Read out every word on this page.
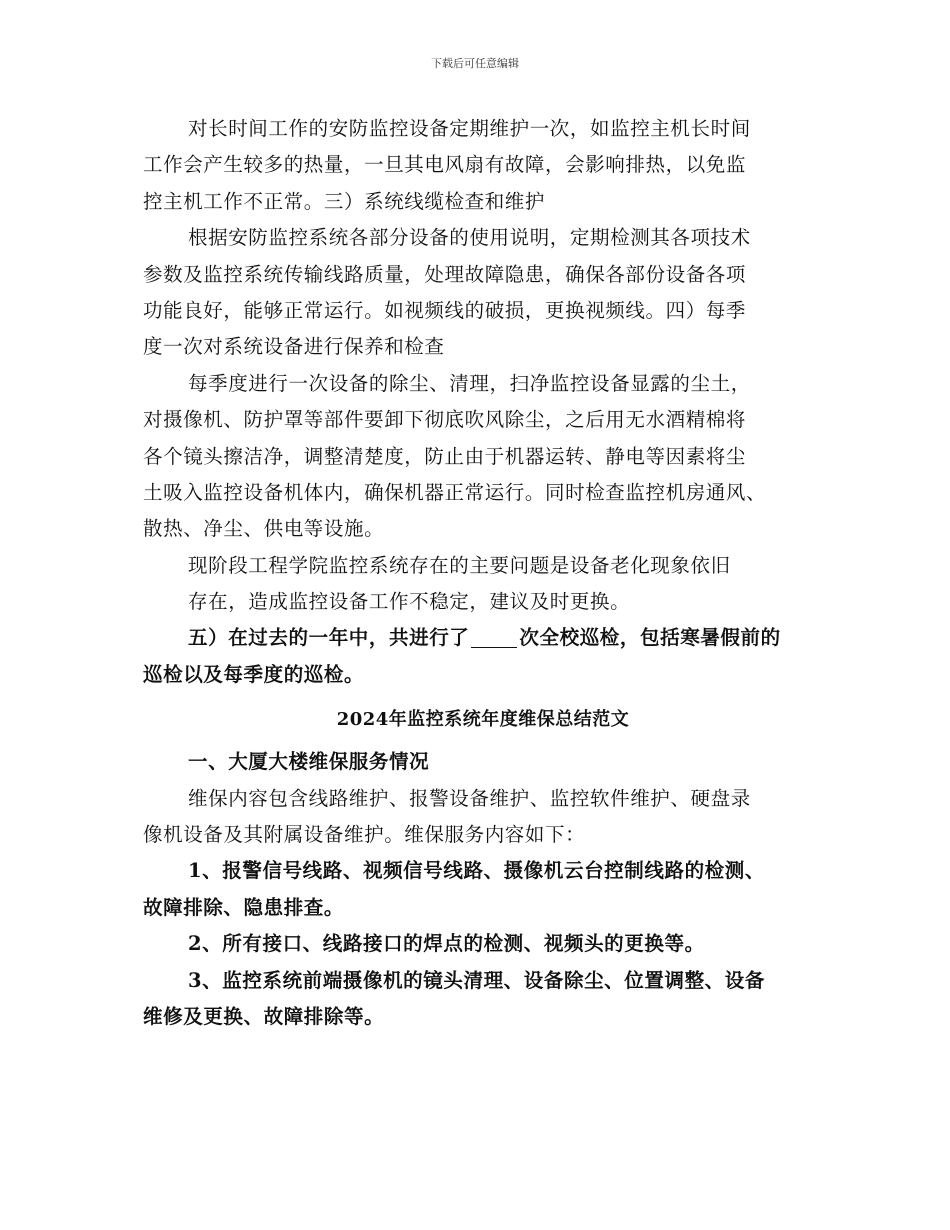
下载后可任意编辑
对长时间工作的安防监控设备定期维护一次，如监控主机长时间
工作会产生较多的热量，一旦其电风扇有故障，会影响排热，以免监
控主机工作不正常。三）系统线缆检查和维护
根据安防监控系统各部分设备的使用说明，定期检测其各项技术
参数及监控系统传输线路质量，处理故障隐患，确保各部份设备各项
功能良好，能够正常运行。如视频线的破损，更换视频线。四）每季
度一次对系统设备进行保养和检查
每季度进行一次设备的除尘、清理，扫净监控设备显露的尘土，
对摄像机、防护罩等部件要卸下彻底吹风除尘，之后用无水酒精棉将
各个镜头擦洁净，调整清楚度，防止由于机器运转、静电等因素将尘
土吸入监控设备机体内，确保机器正常运行。同时检查监控机房通风、
散热、净尘、供电等设施。
现阶段工程学院监控系统存在的主要问题是设备老化现象依旧
存在，造成监控设备工作不稳定，建议及时更换。
五）在过去的一年中，共进行了	次全校巡检，包括寒暑假前的
巡检以及每季度的巡检。
2024年监控系统年度维保总结范文
一、大厦大楼维保服务情况
维保内容包含线路维护、报警设备维护、监控软件维护、硬盘录
像机设备及其附属设备维护。维保服务内容如下：
1、报警信号线路、视频信号线路、摄像机云台控制线路的检测、
故障排除、隐患排查。
2、所有接口、线路接口的焊点的检测、视频头的更换等。
3、监控系统前端摄像机的镜头清理、设备除尘、位置调整、设备
维修及更换、故障排除等。
